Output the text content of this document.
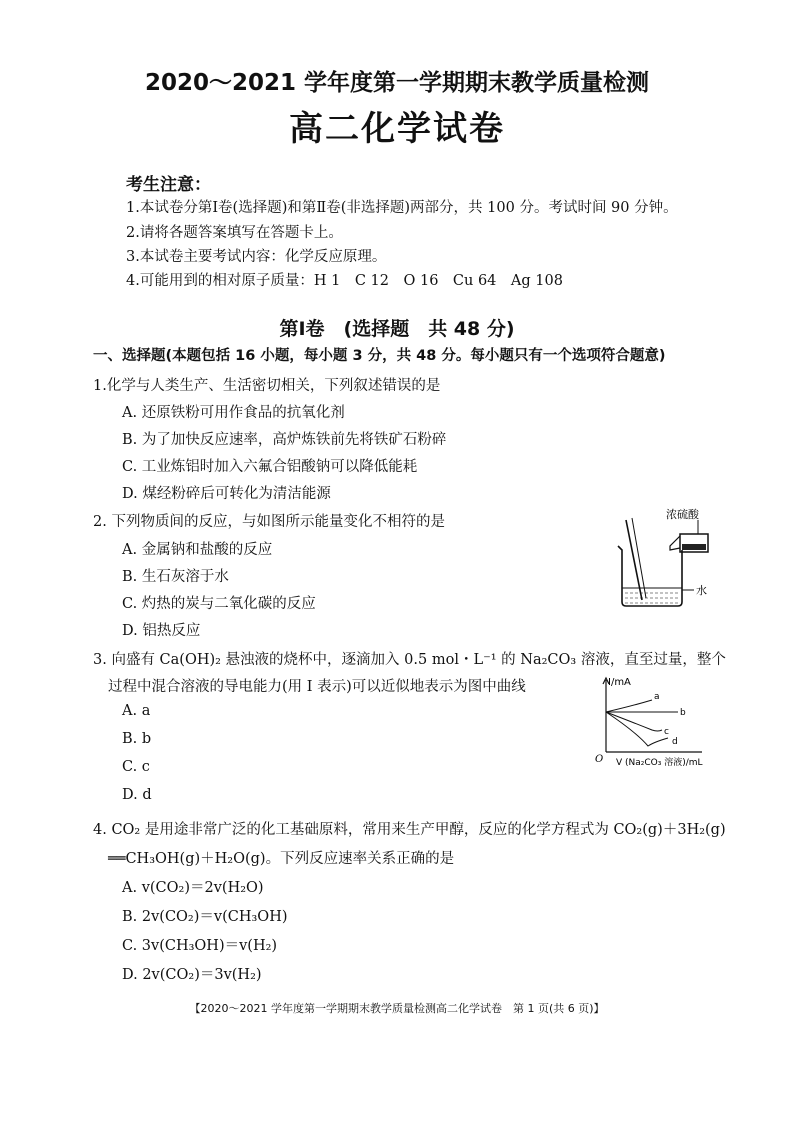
2020～2021 学年度第一学期期末教学质量检测
高二化学试卷
考生注意：
1.本试卷分第Ⅰ卷(选择题)和第Ⅱ卷(非选择题)两部分，共 100 分。考试时间 90 分钟。
2.请将各题答案填写在答题卡上。
3.本试卷主要考试内容：化学反应原理。
4.可能用到的相对原子质量：H 1　C 12　O 16　Cu 64　Ag 108
第Ⅰ卷　(选择题　共 48 分)
一、选择题(本题包括 16 小题，每小题 3 分，共 48 分。每小题只有一个选项符合题意)
1.化学与人类生产、生活密切相关，下列叙述错误的是
A. 还原铁粉可用作食品的抗氧化剂
B. 为了加快反应速率，高炉炼铁前先将铁矿石粉碎
C. 工业炼铝时加入六氟合铝酸钠可以降低能耗
D. 煤经粉碎后可转化为清洁能源
2. 下列物质间的反应，与如图所示能量变化不相符的是
A. 金属钠和盐酸的反应
B. 生石灰溶于水
C. 灼热的炭与二氧化碳的反应
D. 铝热反应
水
浓硫酸
3. 向盛有 Ca(OH)₂ 悬浊液的烧杯中，逐滴加入 0.5 mol・L⁻¹ 的 Na₂CO₃ 溶液，直至过量，整个
过程中混合溶液的导电能力(用 I 表示)可以近似地表示为图中曲线
A. a
B. b
C. c
D. d
I/mA
O V (Na₂CO₃ 溶液)/mL
a
b
c
d
4. CO₂ 是用途非常广泛的化工基础原料，常用来生产甲醇，反应的化学方程式为 CO₂(g)＋3H₂(g)
══CH₃OH(g)＋H₂O(g)。下列反应速率关系正确的是
A. v(CO₂)＝2v(H₂O)
B. 2v(CO₂)＝v(CH₃OH)
C. 3v(CH₃OH)＝v(H₂)
D. 2v(CO₂)＝3v(H₂)
【2020～2021 学年度第一学期期末教学质量检测高二化学试卷　第 1 页(共 6 页)】
